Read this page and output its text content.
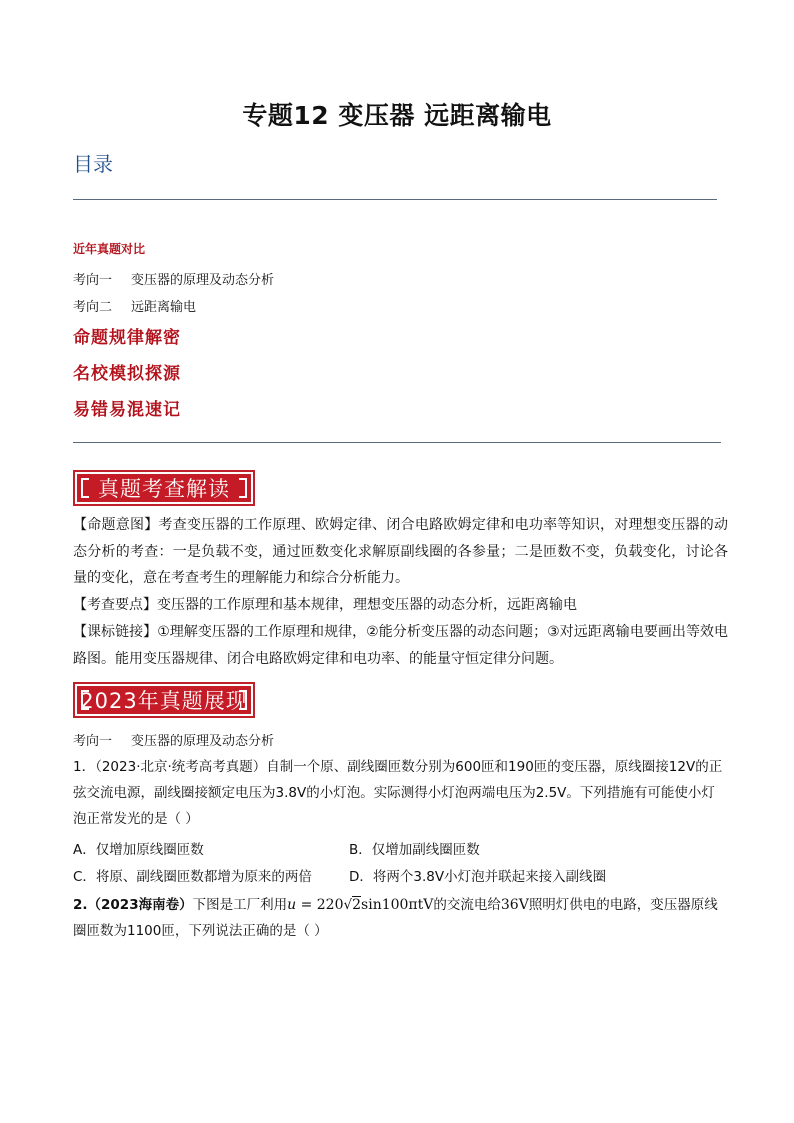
专题12 变压器 远距离输电
目录
近年真题对比
考向一 变压器的原理及动态分析
考向二 远距离输电
命题规律解密
名校模拟探源
易错易混速记
真题考查解读
【命题意图】考查变压器的工作原理、欧姆定律、闭合电路欧姆定律和电功率等知识，对理想变压器的动态分析的考查：一是负载不变，通过匝数变化求解原副线圈的各参量；二是匝数不变，负载变化，讨论各量的变化，意在考查考生的理解能力和综合分析能力。
【考查要点】变压器的工作原理和基本规律，理想变压器的动态分析，远距离输电
【课标链接】①理解变压器的工作原理和规律，②能分析变压器的动态问题；③对远距离输电要画出等效电路图。能用变压器规律、闭合电路欧姆定律和电功率、的能量守恒定律分问题。
2023年真题展现
考向一 变压器的原理及动态分析
1．（2023·北京·统考高考真题）自制一个原、副线圈匝数分别为600匝和190匝的变压器，原线圈接12V的正弦交流电源，副线圈接额定电压为3.8V的小灯泡。实际测得小灯泡两端电压为2.5V。下列措施有可能使小灯泡正常发光的是（ ）
A．仅增加原线圈匝数	B．仅增加副线圈匝数
C．将原、副线圈匝数都增为原来的两倍	D．将两个3.8V小灯泡并联起来接入副线圈
2.（2023海南卷）下图是工厂利用u = 220√2sin100πtV的交流电给36V照明灯供电的电路，变压器原线圈匝数为1100匝，下列说法正确的是（ ）
